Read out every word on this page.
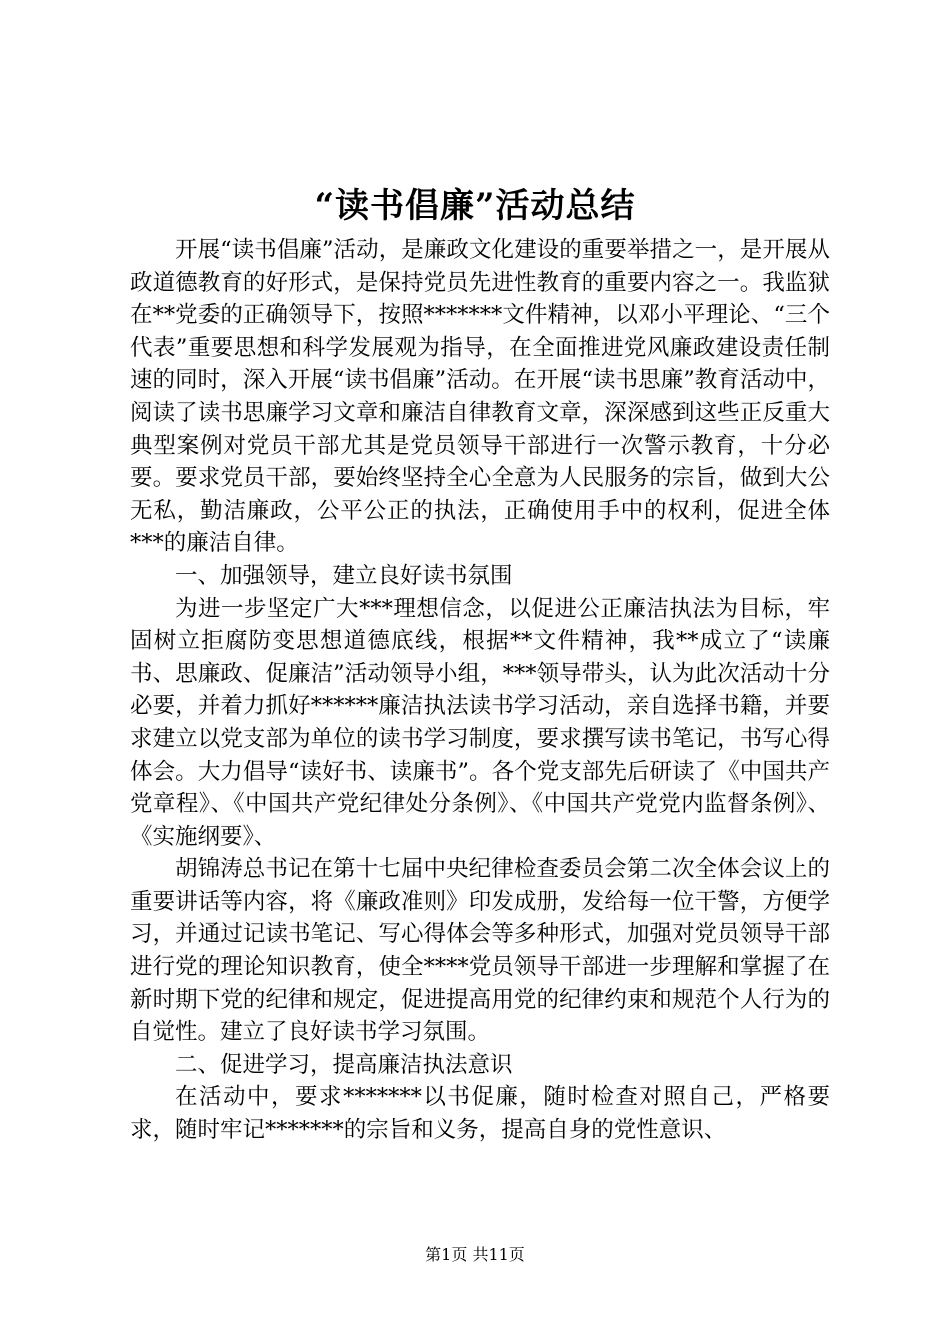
“读书倡廉”活动总结

开展“读书倡廉”活动，是廉政文化建设的重要举措之一，是开展从政道德教育的好形式，是保持党员先进性教育的重要内容之一。我监狱在**党委的正确领导下，按照*******文件精神，以邓小平理论、“三个代表”重要思想和科学发展观为指导，在全面推进党风廉政建设责任制速的同时，深入开展“读书倡廉”活动。在开展“读书思廉”教育活动中，阅读了读书思廉学习文章和廉洁自律教育文章，深深感到这些正反重大典型案例对党员干部尤其是党员领导干部进行一次警示教育，十分必要。要求党员干部，要始终坚持全心全意为人民服务的宗旨，做到大公无私，勤洁廉政，公平公正的执法，正确使用手中的权利，促进全体***的廉洁自律。

一、加强领导，建立良好读书氛围

为进一步坚定广大***理想信念，以促进公正廉洁执法为目标，牢固树立拒腐防变思想道德底线，根据**文件精神，我**成立了“读廉书、思廉政、促廉洁”活动领导小组，***领导带头，认为此次活动十分必要，并着力抓好******廉洁执法读书学习活动，亲自选择书籍，并要求建立以党支部为单位的读书学习制度，要求撰写读书笔记，书写心得体会。大力倡导“读好书、读廉书”。各个党支部先后研读了《中国共产党章程》、《中国共产党纪律处分条例》、《中国共产党党内监督条例》、《实施纲要》、

胡锦涛总书记在第十七届中央纪律检查委员会第二次全体会议上的重要讲话等内容，将《廉政准则》印发成册，发给每一位干警，方便学习，并通过记读书笔记、写心得体会等多种形式，加强对党员领导干部进行党的理论知识教育，使全****党员领导干部进一步理解和掌握了在新时期下党的纪律和规定，促进提高用党的纪律约束和规范个人行为的自觉性。建立了良好读书学习氛围。

二、促进学习，提高廉洁执法意识

在活动中，要求*******以书促廉，随时检查对照自己，严格要求，随时牢记*******的宗旨和义务，提高自身的党性意识、

第1页 共11页
